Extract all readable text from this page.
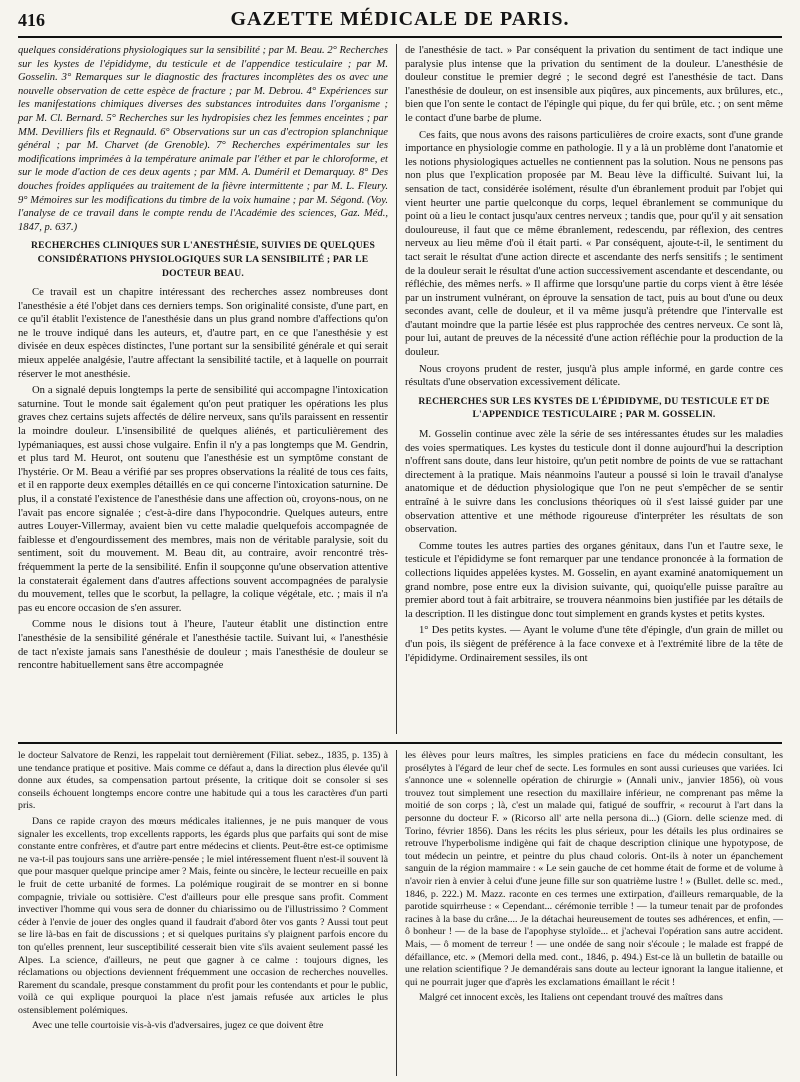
416	GAZETTE MÉDICALE DE PARIS.

quelques considérations physiologiques sur la sensibilité ; par M. Beau. 2° Recherches sur les kystes de l'épididyme, du testicule et de l'appendice testiculaire ; par M. Gosselin. 3° Remarques sur le diagnostic des fractures incomplètes des os avec une nouvelle observation de cette espèce de fracture ; par M. Debrou. 4° Expériences sur les manifestations chimiques diverses des substances introduites dans l'organisme ; par M. Cl. Bernard. 5° Recherches sur les hydropisies chez les femmes enceintes ; par MM. Devilliers fils et Regnauld. 6° Observations sur un cas d'ectropion splanchnique général ; par M. Charvet (de Grenoble). 7° Recherches expérimentales sur les modifications imprimées à la température animale par l'éther et par le chloroforme, et sur le mode d'action de ces deux agents ; par MM. A. Duméril et Demarquay. 8° Des douches froides appliquées au traitement de la fièvre intermittente ; par M. L. Fleury. 9° Mémoires sur les modifications du timbre de la voix humaine ; par M. Ségond. (Voy. l'analyse de ce travail dans le compte rendu de l'Académie des sciences, Gaz. Méd., 1847, p. 637.)

RECHERCHES CLINIQUES SUR L'ANESTHÉSIE, SUIVIES DE QUELQUES CONSIDÉRATIONS PHYSIOLOGIQUES SUR LA SENSIBILITÉ ; PAR LE DOCTEUR BEAU.

Ce travail est un chapitre intéressant des recherches assez nombreuses dont l'anesthésie a été l'objet dans ces derniers temps. Son originalité consiste, d'une part, en ce qu'il établit l'existence de l'anesthésie dans un plus grand nombre d'affections qu'on ne le trouve indiqué dans les auteurs, et, d'autre part, en ce que l'anesthésie y est divisée en deux espèces distinctes, l'une portant sur la sensibilité générale et qui serait mieux appelée analgésie, l'autre affectant la sensibilité tactile, et à laquelle on pourrait réserver le mot anesthésie.

On a signalé depuis longtemps la perte de sensibilité qui accompagne l'intoxication saturnine. Tout le monde sait également qu'on peut pratiquer les opérations les plus graves chez certains sujets affectés de délire nerveux, sans qu'ils paraissent en ressentir la moindre douleur. L'insensibilité de quelques aliénés, et particulièrement des lypémaniaques, est aussi chose vulgaire. Enfin il n'y a pas longtemps que M. Gendrin, et plus tard M. Heurot, ont soutenu que l'anesthésie est un symptôme constant de l'hystérie. Or M. Beau a vérifié par ses propres observations la réalité de tous ces faits, et il en rapporte deux exemples détaillés en ce qui concerne l'intoxication saturnine. De plus, il a constaté l'existence de l'anesthésie dans une affection où, croyons-nous, on ne l'avait pas encore signalée ; c'est-à-dire dans l'hypocondrie. Quelques auteurs, entre autres Louyer-Villermay, avaient bien vu cette maladie quelquefois accompagnée de faiblesse et d'engourdissement des membres, mais non de véritable paralysie, soit du sentiment, soit du mouvement. M. Beau dit, au contraire, avoir rencontré très-fréquemment la perte de la sensibilité. Enfin il soupçonne qu'une observation attentive la constaterait également dans d'autres affections souvent accompagnées de paralysie du mouvement, telles que le scorbut, la pellagre, la colique végétale, etc. ; mais il n'a pas eu encore occasion de s'en assurer.

Comme nous le disions tout à l'heure, l'auteur établit une distinction entre l'anesthésie de la sensibilité générale et l'anesthésie tactile. Suivant lui, « l'anesthésie de tact n'existe jamais sans l'anesthésie de douleur ; mais l'anesthésie de douleur se rencontre habituellement sans être accompagnée

de l'anesthésie de tact. » Par conséquent la privation du sentiment de tact indique une paralysie plus intense que la privation du sentiment de la douleur. L'anesthésie de douleur constitue le premier degré ; le second degré est l'anesthésie de tact. Dans l'anesthésie de douleur, on est insensible aux piqûres, aux pincements, aux brûlures, etc., bien que l'on sente le contact de l'épingle qui pique, du fer qui brûle, etc. ; on sent même le contact d'une barbe de plume.

Ces faits, que nous avons des raisons particulières de croire exacts, sont d'une grande importance en physiologie comme en pathologie. Il y a là un problème dont l'anatomie et les notions physiologiques actuelles ne contiennent pas la solution. Nous ne pensons pas non plus que l'explication proposée par M. Beau lève la difficulté. Suivant lui, la sensation de tact, considérée isolément, résulte d'un ébranlement produit par l'objet qui vient heurter une partie quelconque du corps, lequel ébranlement se communique du point où a lieu le contact jusqu'aux centres nerveux ; tandis que, pour qu'il y ait sensation douloureuse, il faut que ce même ébranlement, redescendu, par réflexion, des centres nerveux au lieu même d'où il était parti. « Par conséquent, ajoute-t-il, le sentiment du tact serait le résultat d'une action directe et ascendante des nerfs sensitifs ; le sentiment de la douleur serait le résultat d'une action successivement ascendante et descendante, ou réfléchie, des mêmes nerfs. » Il affirme que lorsqu'une partie du corps vient à être lésée par un instrument vulnérant, on éprouve la sensation de tact, puis au bout d'une ou deux secondes avant, celle de douleur, et il va même jusqu'à prétendre que l'intervalle est d'autant moindre que la partie lésée est plus rapprochée des centres nerveux. Ce sont là, pour lui, autant de preuves de la nécessité d'une action réfléchie pour la production de la douleur.

Nous croyons prudent de rester, jusqu'à plus ample informé, en garde contre ces résultats d'une observation excessivement délicate.

RECHERCHES SUR LES KYSTES DE L'ÉPIDIDYME, DU TESTICULE ET DE L'APPENDICE TESTICULAIRE ; PAR M. GOSSELIN.

M. Gosselin continue avec zèle la série de ses intéressantes études sur les maladies des voies spermatiques. Les kystes du testicule dont il donne aujourd'hui la description n'offrent sans doute, dans leur histoire, qu'un petit nombre de points de vue se rattachant directement à la pratique. Mais néanmoins l'auteur a poussé si loin le travail d'analyse anatomique et de déduction physiologique que l'on ne peut s'empêcher de se sentir entraîné à le suivre dans les conclusions théoriques où il s'est laissé guider par une observation attentive et une méthode rigoureuse d'interpréter les résultats de son observation.

Comme toutes les autres parties des organes génitaux, dans l'un et l'autre sexe, le testicule et l'épididyme se font remarquer par une tendance prononcée à la formation de collections liquides appelées kystes. M. Gosselin, en ayant examiné anatomiquement un grand nombre, pose entre eux la division suivante, qui, quoiqu'elle puisse paraître au premier abord tout à fait arbitraire, se trouvera néanmoins bien justifiée par les détails de la description. Il les distingue donc tout simplement en grands kystes et petits kystes.

1° Des petits kystes. — Ayant le volume d'une tête d'épingle, d'un grain de millet ou d'un pois, ils siègent de préférence à la face convexe et à l'extrémité libre de la tête de l'épididyme. Ordinairement sessiles, ils ont

le docteur Salvatore de Renzi, les rappelait tout dernièrement (Filiat. sebez., 1835, p. 135) à une tendance pratique et positive. Mais comme ce défaut a, dans la direction plus élevée qu'il donne aux études, sa compensation partout présente, la critique doit se consoler si ses conseils échouent longtemps encore contre une habitude qui a tous les caractères d'un parti pris.

Dans ce rapide crayon des mœurs médicales italiennes, je ne puis manquer de vous signaler les excellents, trop excellents rapports, les égards plus que parfaits qui sont de mise constante entre confrères, et d'autre part entre médecins et clients. Peut-être est-ce optimisme ne va-t-il pas toujours sans une arrière-pensée ; le miel intéressement fluent n'est-il souvent là que pour masquer quelque principe amer ? Mais, feinte ou sincère, le lecteur recueille en paix le fruit de cette urbanité de formes. La polémique rougirait de se montrer en si bonne compagnie, triviale ou sottisière. C'est d'ailleurs pour elle presque sans profit. Comment invectiver l'homme qui vous sera de donner du chiarissimo ou de l'illustrissimo ? Comment céder à l'envie de jouer des ongles quand il faudrait d'abord ôter vos gants ? Aussi tout peut se lire là-bas en fait de discussions ; et si quelques puritains s'y plaignent parfois encore du ton qu'elles prennent, leur susceptibilité cesserait bien vite s'ils avaient seulement passé les Alpes. La science, d'ailleurs, ne peut que gagner à ce calme : toujours dignes, les réclamations ou objections deviennent fréquemment une occasion de recherches nouvelles. Rarement du scandale, presque constamment du profit pour les contendants et pour le public, voilà ce qui explique pourquoi la place n'est jamais refusée aux articles le plus ostensiblement polémiques.

Avec une telle courtoisie vis-à-vis d'adversaires, jugez ce que doivent être

les élèves pour leurs maîtres, les simples praticiens en face du médecin consultant, les prosélytes à l'égard de leur chef de secte. Les formules en sont aussi curieuses que variées. Ici s'annonce une « solennelle opération de chirurgie » (Annali univ., janvier 1856), où vous trouvez tout simplement une resection du maxillaire inférieur, ne comprenant pas même la moitié de son corps ; là, c'est un malade qui, fatigué de souffrir, « recourut à l'art dans la personne du docteur F. » (Ricorso all' arte nella persona di...) (Giorn. delle scienze med. di Torino, février 1856). Dans les récits les plus sérieux, pour les détails les plus ordinaires se retrouve l'hyperbolisme indigène qui fait de chaque description clinique une hypotypose, de tout médecin un peintre, et peintre du plus chaud coloris. Ont-ils à noter un épanchement sanguin de la région mammaire : « Le sein gauche de cet homme était de forme et de volume à n'avoir rien à envier à celui d'une jeune fille sur son quatrième lustre ! » (Bullet. delle sc. med., 1846, p. 222.) M. Mazz. raconte en ces termes une extirpation, d'ailleurs remarquable, de la parotide squirrheuse : « Cependant... cérémonie terrible ! — la tumeur tenait par de profondes racines à la base du crâne.... Je la détachai heureusement de toutes ses adhérences, et enfin, — ô bonheur ! — de la base de l'apophyse styloïde... et j'achevai l'opération sans autre accident. Mais, — ô moment de terreur ! — une ondée de sang noir s'écoule ; le malade est frappé de défaillance, etc. » (Memori della med. cont., 1846, p. 494.) Est-ce là un bulletin de bataille ou une relation scientifique ? Je demandérais sans doute au lecteur ignorant la langue italienne, et qui ne pourrait juger que d'après les exclamations émaillant le récit !

Malgré cet innocent excès, les Italiens ont cependant trouvé des maîtres dans
